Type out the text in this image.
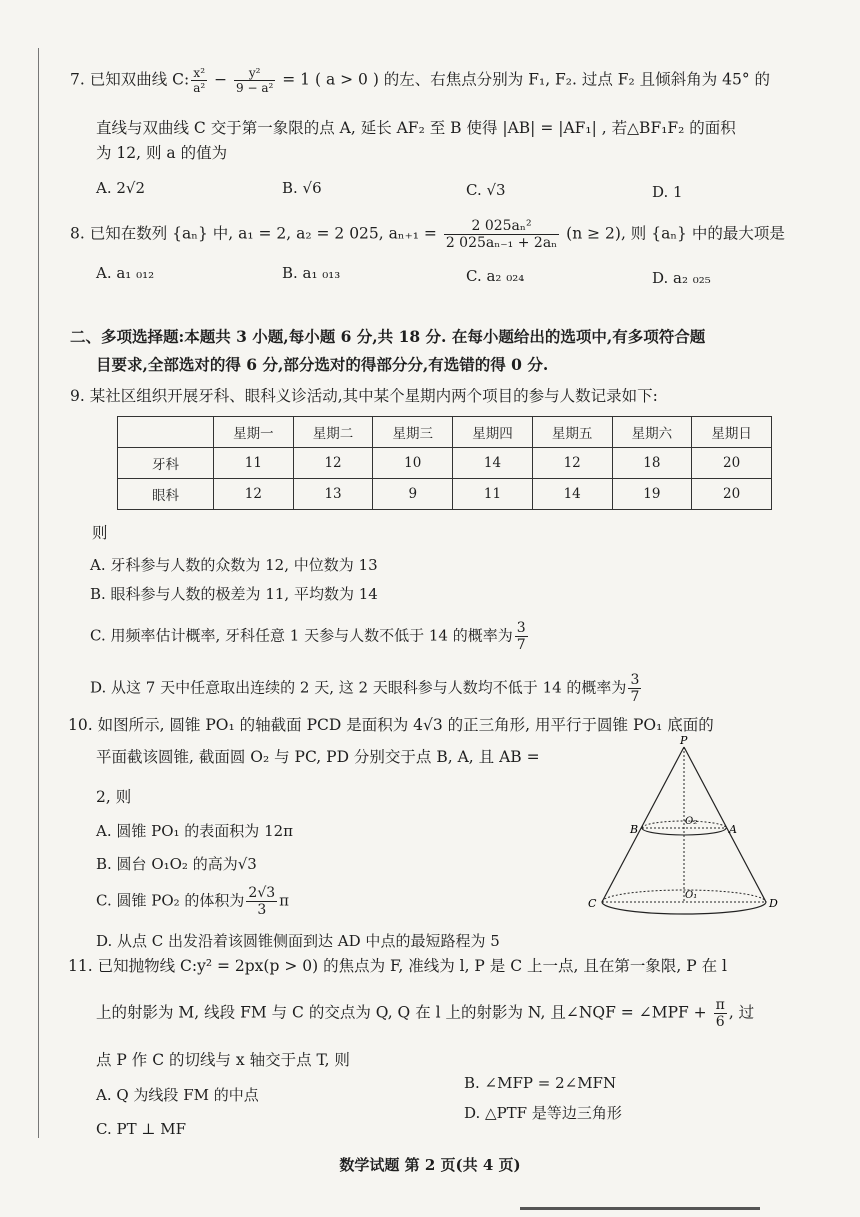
7. 已知双曲线 C: $\frac{\text{x²}}{\text{a²}} - \frac{\text{y²}}{\text{9 − a²}} = 1$ ( a > 0 ) 的左、右焦点分别为 F₁, F₂. 过点 F₂ 且倾斜角为 45° 的
直线与双曲线 C 交于第一象限的点 A, 延长 AF₂ 至 B 使得 |AB| = |AF₁| , 若△BF₁F₂ 的面积
为 12, 则 a 的值为
A. 2√2	B. √6	C. √3	D. 1
8. 已知在数列 {aₙ} 中, a₁ = 2, a₂ = 2 025, $a_{n+1} = \frac{\text{2 025aₙ²}}{\text{2 025aₙ₋₁ + 2aₙ}} (n \ge 2)$, 则 {aₙ} 中的最大项是
A. a₁ ₀₁₂	B. a₁ ₀₁₃	C. a₂ ₀₂₄	D. a₂ ₀₂₅
二、多项选择题:本题共 3 小题,每小题 6 分,共 18 分. 在每小题给出的选项中,有多项符合题
目要求,全部选对的得 6 分,部分选对的得部分分,有选错的得 0 分.
9. 某社区组织开展牙科、眼科义诊活动,其中某个星期内两个项目的参与人数记录如下:
	星期一	星期二	星期三	星期四	星期五	星期六	星期日
牙科	11	12	10	14	12	18	20
眼科	12	13	9	11	14	19	20
则
A. 牙科参与人数的众数为 12, 中位数为 13
B. 眼科参与人数的极差为 11, 平均数为 14
C. 用频率估计概率, 牙科任意 1 天参与人数不低于 14 的概率为 $\frac{3}{7}$
D. 从这 7 天中任意取出连续的 2 天, 这 2 天眼科参与人数均不低于 14 的概率为 $\frac{3}{7}$
10. 如图所示, 圆锥 PO₁ 的轴截面 PCD 是面积为 4√3 的正三角形, 用平行于圆锥 PO₁ 底面的
平面截该圆锥, 截面圆 O₂ 与 PC, PD 分别交于点 B, A, 且 AB =
2, 则
A. 圆锥 PO₁ 的表面积为 12π
B. 圆台 O₁O₂ 的高为√3
C. 圆锥 PO₂ 的体积为 $\frac{2√3}{3}$ π
D. 从点 C 出发沿着该圆锥侧面到达 AD 中点的最短路程为 5
P
B	A
O₂
O₁
C	D
11. 已知抛物线 C:y² = 2px(p > 0) 的焦点为 F, 准线为 l, P 是 C 上一点, 且在第一象限, P 在 l
上的射影为 M, 线段 FM 与 C 的交点为 Q, Q 在 l 上的射影为 N, 且∠NQF = ∠MPF + $\frac{\pi}{6}$ , 过
点 P 作 C 的切线与 x 轴交于点 T, 则
A. Q 为线段 FM 的中点
B. ∠MFP = 2∠MFN
C. PT ⊥ MF
D. △PTF 是等边三角形
数学试题 第 2 页(共 4 页)
